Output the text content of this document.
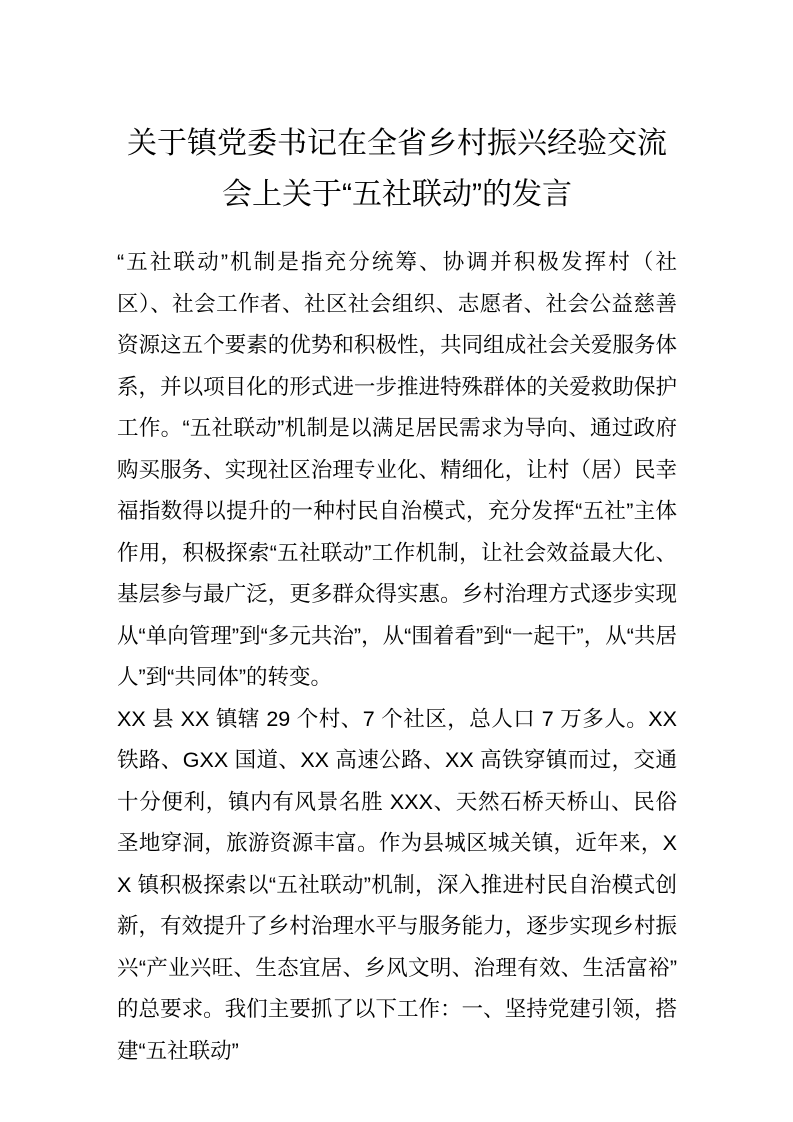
关于镇党委书记在全省乡村振兴经验交流会上关于“五社联动”的发言

“五社联动”机制是指充分统筹、协调并积极发挥村（社区）、社会工作者、社区社会组织、志愿者、社会公益慈善资源这五个要素的优势和积极性，共同组成社会关爱服务体系，并以项目化的形式进一步推进特殊群体的关爱救助保护工作。“五社联动”机制是以满足居民需求为导向、通过政府购买服务、实现社区治理专业化、精细化，让村（居）民幸福指数得以提升的一种村民自治模式，充分发挥“五社”主体作用，积极探索“五社联动”工作机制，让社会效益最大化、基层参与最广泛，更多群众得实惠。乡村治理方式逐步实现从“单向管理”到“多元共治”，从“围着看”到“一起干”，从“共居人”到“共同体”的转变。

XX 县 XX 镇辖 29 个村、7 个社区，总人口 7 万多人。XX 铁路、GXX 国道、XX 高速公路、XX 高铁穿镇而过，交通十分便利，镇内有风景名胜 XXX、天然石桥天桥山、民俗圣地穿洞，旅游资源丰富。作为县城区城关镇，近年来，XX 镇积极探索以“五社联动”机制，深入推进村民自治模式创新，有效提升了乡村治理水平与服务能力，逐步实现乡村振兴“产业兴旺、生态宜居、乡风文明、治理有效、生活富裕”的总要求。我们主要抓了以下工作：一、坚持党建引领，搭建“五社联动”
